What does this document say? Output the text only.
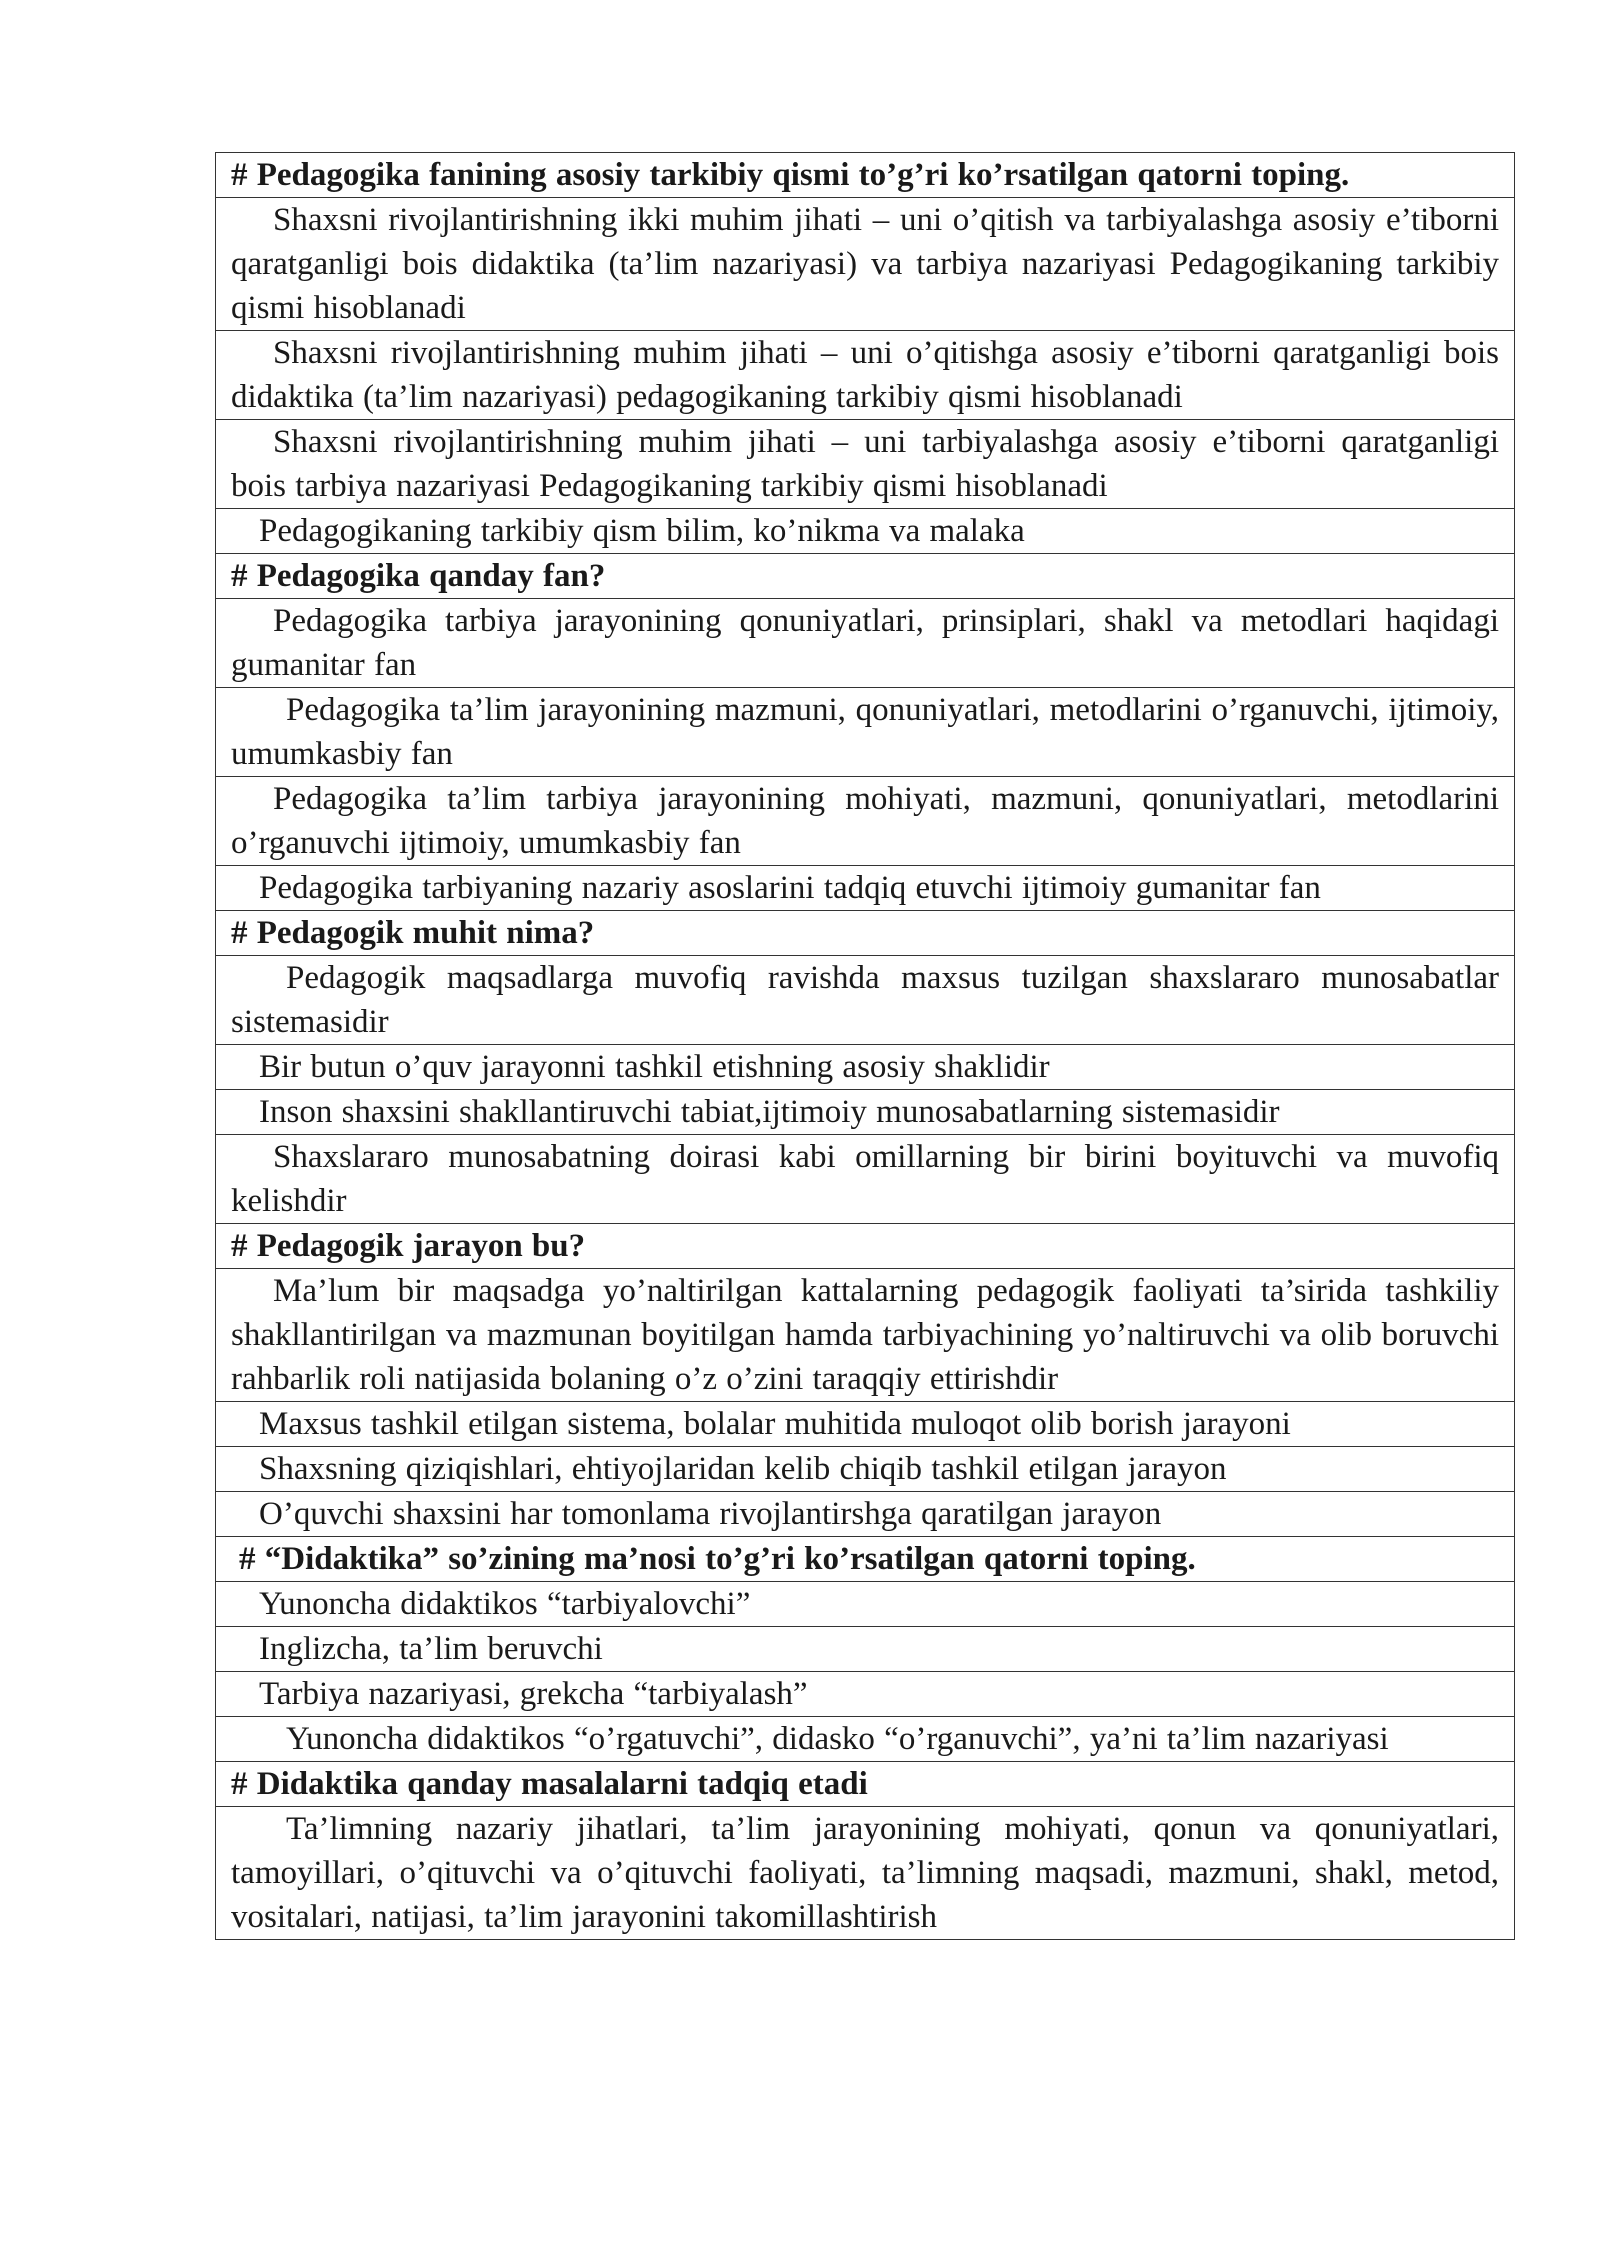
# Pedagogika fanining asosiy tarkibiy qismi to’g’ri ko’rsatilgan qatorni toping.
Shaxsni rivojlantirishning ikki muhim jihati – uni o’qitish va tarbiyalashga asosiy e’tiborni qaratganligi bois didaktika (ta’lim nazariyasi) va tarbiya nazariyasi Pedagogikaning tarkibiy qismi hisoblanadi
Shaxsni rivojlantirishning muhim jihati – uni o’qitishga asosiy e’tiborni qaratganligi bois didaktika (ta’lim nazariyasi) pedagogikaning tarkibiy qismi hisoblanadi
Shaxsni rivojlantirishning muhim jihati – uni tarbiyalashga asosiy e’tiborni qaratganligi bois tarbiya nazariyasi Pedagogikaning tarkibiy qismi hisoblanadi
Pedagogikaning tarkibiy qism bilim, ko’nikma va malaka
# Pedagogika qanday fan?
Pedagogika tarbiya jarayonining qonuniyatlari, prinsiplari, shakl va metodlari haqidagi gumanitar fan
Pedagogika ta’lim jarayonining mazmuni, qonuniyatlari, metodlarini o’rganuvchi, ijtimoiy, umumkasbiy fan
Pedagogika ta’lim tarbiya jarayonining mohiyati, mazmuni, qonuniyatlari, metodlarini o’rganuvchi ijtimoiy, umumkasbiy fan
Pedagogika tarbiyaning nazariy asoslarini tadqiq etuvchi ijtimoiy gumanitar fan
# Pedagogik muhit nima?
Pedagogik maqsadlarga muvofiq ravishda maxsus tuzilgan shaxslararo munosabatlar sistemasidir
Bir butun o’quv jarayonni tashkil etishning asosiy shaklidir
Inson shaxsini shakllantiruvchi tabiat,ijtimoiy munosabatlarning sistemasidir
Shaxslararo munosabatning doirasi kabi omillarning bir birini boyituvchi va muvofiq kelishdir
# Pedagogik jarayon bu?
Ma’lum bir maqsadga yo’naltirilgan kattalarning pedagogik faoliyati ta’sirida tashkiliy shakllantirilgan va mazmunan boyitilgan hamda tarbiyachining yo’naltiruvchi va olib boruvchi rahbarlik roli natijasida bolaning o’z o’zini taraqqiy ettirishdir
Maxsus tashkil etilgan sistema, bolalar muhitida muloqot olib borish jarayoni
Shaxsning qiziqishlari, ehtiyojlaridan kelib chiqib tashkil etilgan jarayon
O’quvchi shaxsini har tomonlama rivojlantirshga qaratilgan jarayon
# “Didaktika” so’zining ma’nosi to’g’ri ko’rsatilgan qatorni toping.
Yunoncha didaktikos “tarbiyalovchi”
Inglizcha, ta’lim beruvchi
Tarbiya nazariyasi, grekcha “tarbiyalash”
Yunoncha didaktikos “o’rgatuvchi”, didasko “o’rganuvchi”, ya’ni ta’lim nazariyasi
# Didaktika qanday masalalarni tadqiq etadi
Ta’limning nazariy jihatlari, ta’lim jarayonining mohiyati, qonun va qonuniyatlari, tamoyillari, o’qituvchi va o’qituvchi faoliyati, ta’limning maqsadi, mazmuni, shakl, metod, vositalari, natijasi, ta’lim jarayonini takomillashtirish
